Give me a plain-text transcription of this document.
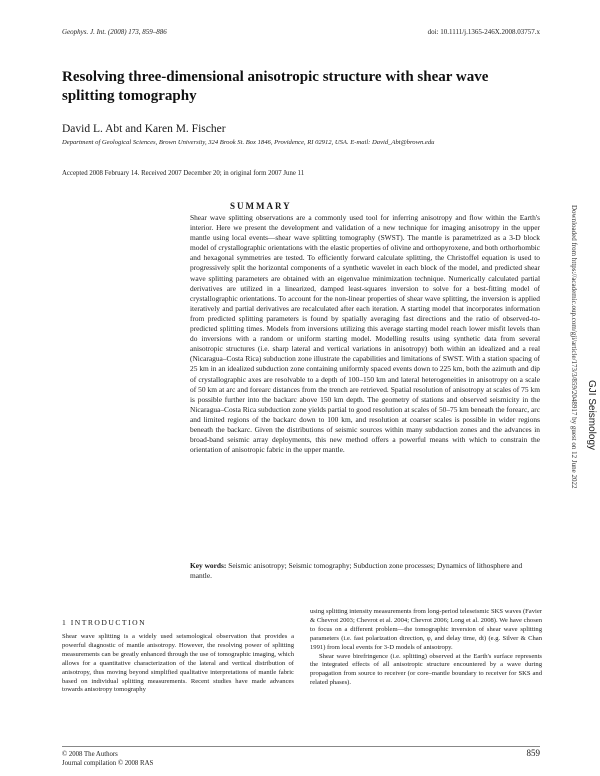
Geophys. J. Int. (2008) 173, 859–886	doi: 10.1111/j.1365-246X.2008.03757.x
Resolving three-dimensional anisotropic structure with shear wave splitting tomography
David L. Abt and Karen M. Fischer
Department of Geological Sciences, Brown University, 324 Brook St. Box 1846, Providence, RI 02912, USA. E-mail: David_Abt@brown.edu
Accepted 2008 February 14. Received 2007 December 20; in original form 2007 June 11
SUMMARY

Shear wave splitting observations are a commonly used tool for inferring anisotropy and flow within the Earth's interior. Here we present the development and validation of a new technique for imaging anisotropy in the upper mantle using local events—shear wave splitting tomography (SWST). The mantle is parametrized as a 3-D block model of crystallographic orientations with the elastic properties of olivine and orthopyroxene, and both orthorhombic and hexagonal symmetries are tested. To efficiently forward calculate splitting, the Christoffel equation is used to progressively split the horizontal components of a synthetic wavelet in each block of the model, and predicted shear wave splitting parameters are obtained with an eigenvalue minimization technique. Numerically calculated partial derivatives are utilized in a linearized, damped least-squares inversion to solve for a best-fitting model of crystallographic orientations. To account for the non-linear properties of shear wave splitting, the inversion is applied iteratively and partial derivatives are recalculated after each iteration. A starting model that incorporates information from predicted splitting parameters is found by spatially averaging fast directions and the ratio of observed-to-predicted splitting times. Models from inversions utilizing this average starting model reach lower misfit levels than do inversions with a random or uniform starting model. Modelling results using synthetic data from several anisotropic structures (i.e. sharp lateral and vertical variations in anisotropy) both within an idealized and a real (Nicaragua–Costa Rica) subduction zone illustrate the capabilities and limitations of SWST. With a station spacing of 25 km in an idealized subduction zone containing uniformly spaced events down to 225 km, both the azimuth and dip of crystallographic axes are resolvable to a depth of 100–150 km and lateral heterogeneities in anisotropy on a scale of 50 km at arc and forearc distances from the trench are retrieved. Spatial resolution of anisotropy at scales of 75 km is possible further into the backarc above 150 km depth. The geometry of stations and observed seismicity in the Nicaragua–Costa Rica subduction zone yields partial to good resolution at scales of 50–75 km beneath the forearc, arc and limited regions of the backarc down to 100 km, and resolution at coarser scales is possible in wider regions beneath the backarc. Given the distributions of seismic sources within many subduction zones and the advances in broad-band seismic array deployments, this new method offers a powerful means with which to constrain the orientation of anisotropic fabric in the upper mantle.

Key words: Seismic anisotropy; Seismic tomography; Subduction zone processes; Dynamics of lithosphere and mantle.

1 INTRODUCTION

Shear wave splitting is a widely used seismological observation that provides a powerful diagnostic of mantle anisotropy. However, the resolving power of splitting measurements can be greatly enhanced through the use of tomographic imaging, which allows for a quantitative characterization of the lateral and vertical distribution of anisotropy, thus moving beyond simplified qualitative interpretations of mantle fabric based on individual splitting measurements. Recent studies have made advances towards anisotropy tomography

using splitting intensity measurements from long-period teleseismic SKS waves (Favier & Chevrot 2003; Chevrot et al. 2004; Chevrot 2006; Long et al. 2008). We have chosen to focus on a different problem—the tomographic inversion of shear wave splitting parameters (i.e. fast polarization direction, φ, and delay time, dt) (e.g. Silver & Chan 1991) from local events for 3-D models of anisotropy.

Shear wave birefringence (i.e. splitting) observed at the Earth's surface represents the integrated effects of all anisotropic structure encountered by a wave during propagation from source to receiver (or core–mantle boundary to receiver for SKS and related phases).

© 2008 The Authors
Journal compilation © 2008 RAS
859
Downloaded from https://academic.oup.com/gji/article/173/3/859/2048917 by guest on 12 June 2022 GJI Seismology
